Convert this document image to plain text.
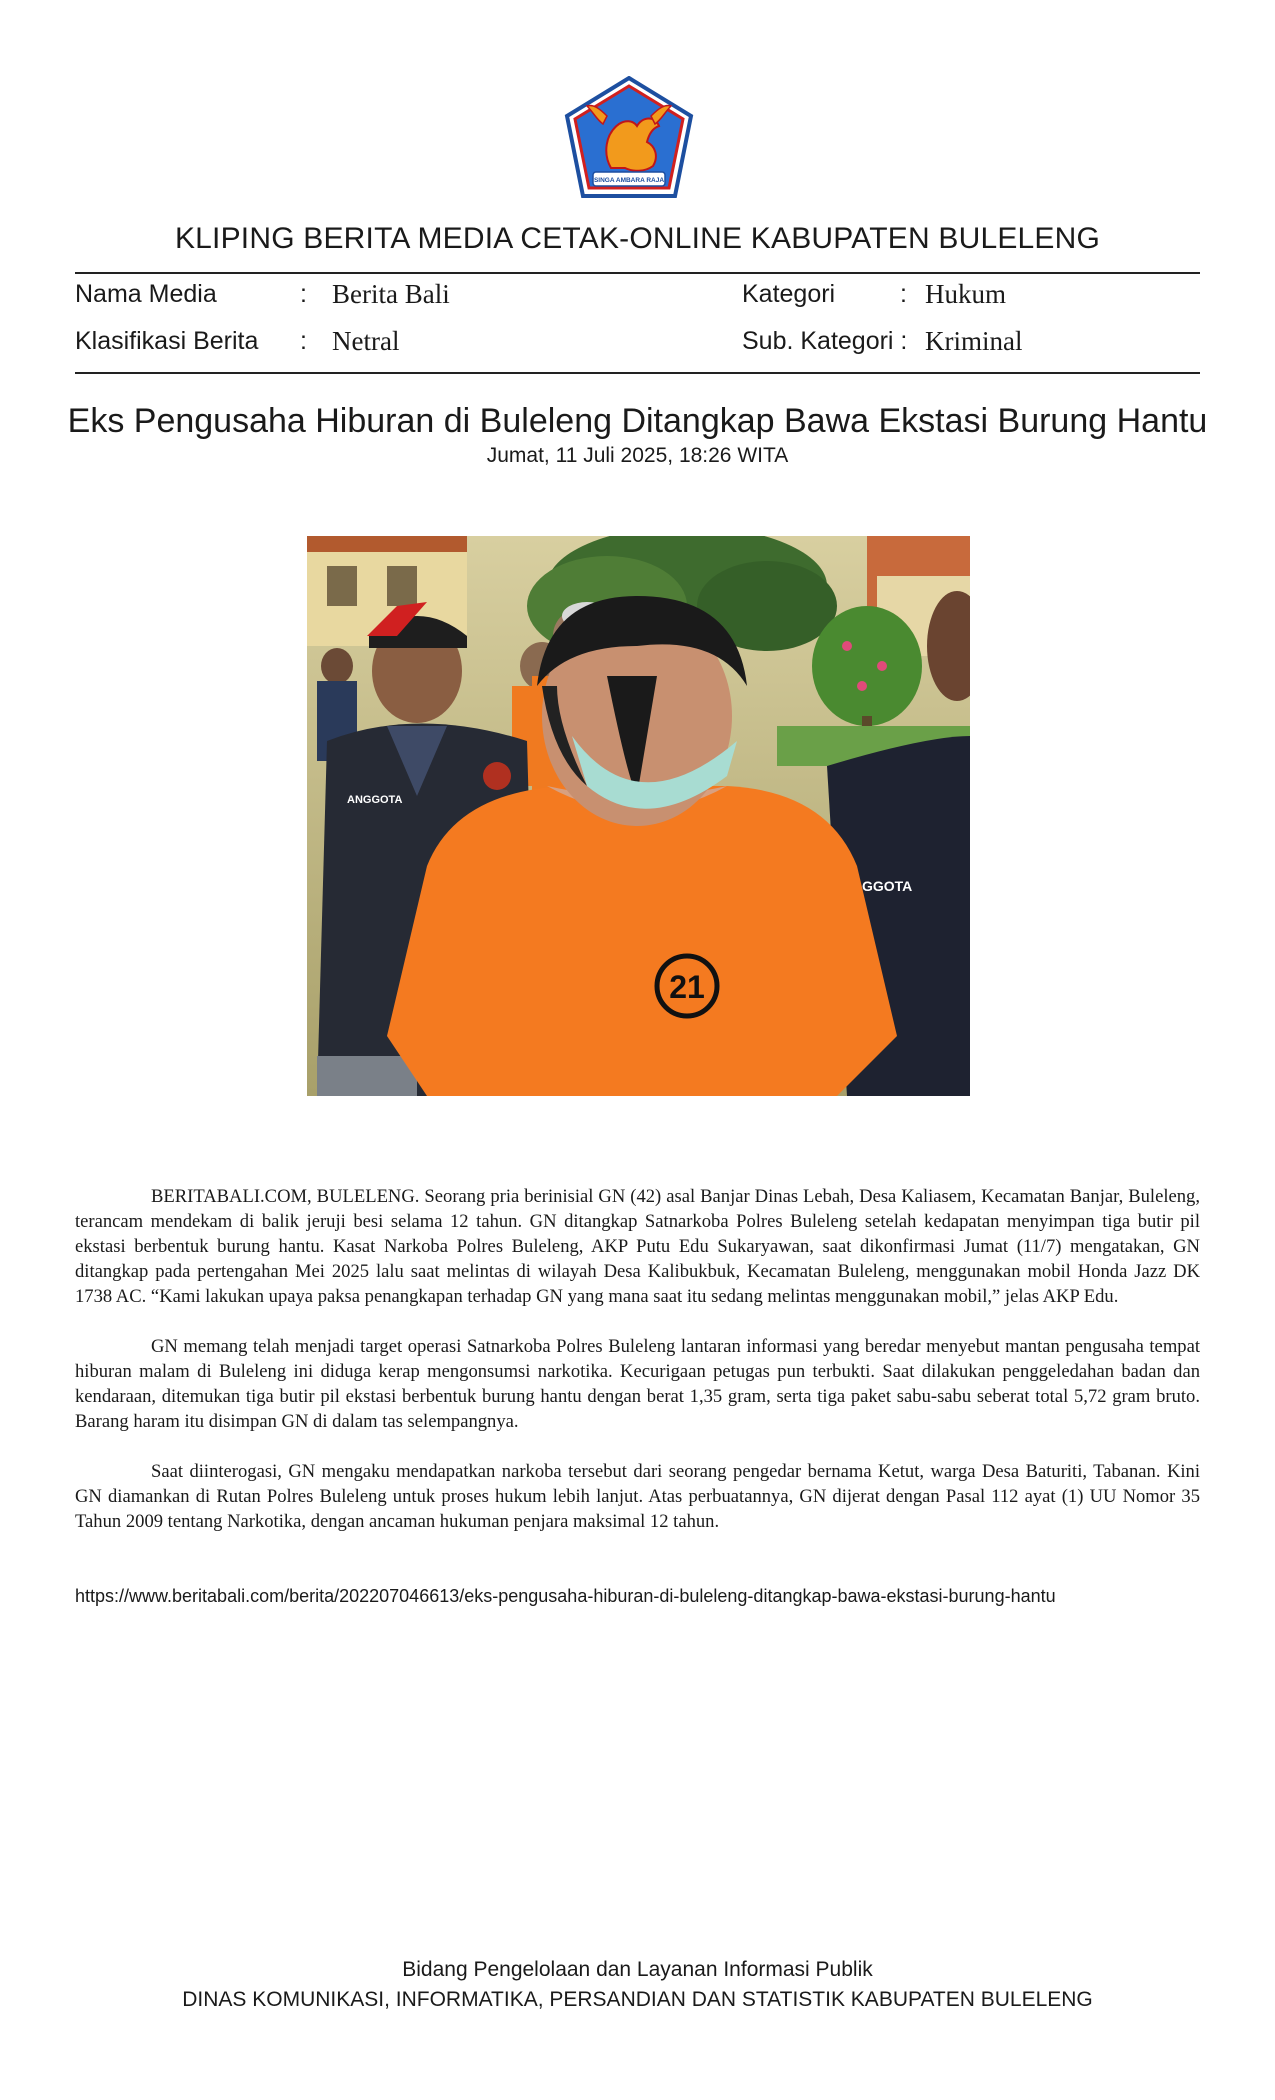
SINGA AMBARA RAJA
KLIPING BERITA MEDIA CETAK-ONLINE KABUPATEN BULELENG
Nama Media	: Berita Bali	Kategori	: Hukum
Klasifikasi Berita : Netral	Sub. Kategori : Kriminal
Eks Pengusaha Hiburan di Buleleng Ditangkap Bawa Ekstasi Burung Hantu
Jumat, 11 Juli 2025, 18:26 WITA
ANGGOTA
GGOTA
21

BERITABALI.COM, BULELENG. Seorang pria berinisial GN (42) asal Banjar Dinas Lebah, Desa Kaliasem, Kecamatan Banjar, Buleleng, terancam mendekam di balik jeruji besi selama 12 tahun. GN ditangkap Satnarkoba Polres Buleleng setelah kedapatan menyimpan tiga butir pil ekstasi berbentuk burung hantu. Kasat Narkoba Polres Buleleng, AKP Putu Edu Sukaryawan, saat dikonfirmasi Jumat (11/7) mengatakan, GN ditangkap pada pertengahan Mei 2025 lalu saat melintas di wilayah Desa Kalibukbuk, Kecamatan Buleleng, menggunakan mobil Honda Jazz DK 1738 AC. “Kami lakukan upaya paksa penangkapan terhadap GN yang mana saat itu sedang melintas menggunakan mobil,” jelas AKP Edu.

GN memang telah menjadi target operasi Satnarkoba Polres Buleleng lantaran informasi yang beredar menyebut mantan pengusaha tempat hiburan malam di Buleleng ini diduga kerap mengonsumsi narkotika. Kecurigaan petugas pun terbukti. Saat dilakukan penggeledahan badan dan kendaraan, ditemukan tiga butir pil ekstasi berbentuk burung hantu dengan berat 1,35 gram, serta tiga paket sabu-sabu seberat total 5,72 gram bruto. Barang haram itu disimpan GN di dalam tas selempangnya.

Saat diinterogasi, GN mengaku mendapatkan narkoba tersebut dari seorang pengedar bernama Ketut, warga Desa Baturiti, Tabanan. Kini GN diamankan di Rutan Polres Buleleng untuk proses hukum lebih lanjut. Atas perbuatannya, GN dijerat dengan Pasal 112 ayat (1) UU Nomor 35 Tahun 2009 tentang Narkotika, dengan ancaman hukuman penjara maksimal 12 tahun.

https://www.beritabali.com/berita/202207046613/eks-pengusaha-hiburan-di-buleleng-ditangkap-bawa-ekstasi-burung-hantu
Bidang Pengelolaan dan Layanan Informasi Publik
DINAS KOMUNIKASI, INFORMATIKA, PERSANDIAN DAN STATISTIK KABUPATEN BULELENG
